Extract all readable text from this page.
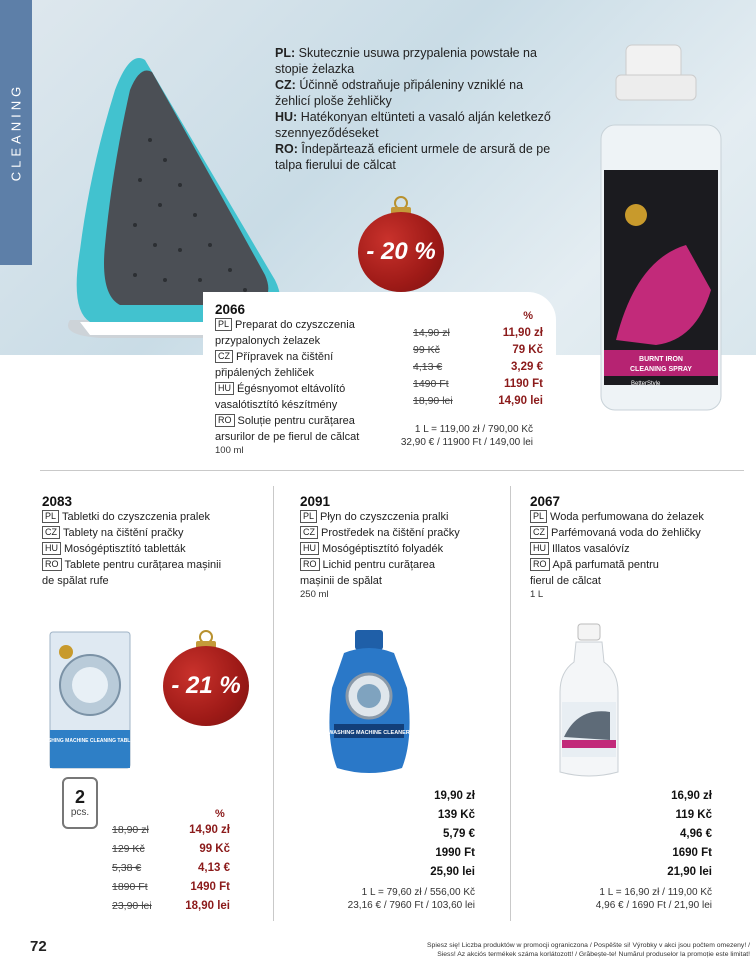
CLEANING
BURNT IRON
CLEANING SPRAY
BetterStyle
PL: Skutecznie usuwa przypalenia powstałe na stopie żelazka
CZ: Účinně odstraňuje připáleniny vzniklé na žehlicí ploše žehličky
HU: Hatékonyan eltünteti a vasaló alján keletkező szennyeződéseket
RO: Îndepărtează eficient urmele de arsură de pe talpa fierului de călcat
- 20 %
2066
PL Preparat do czyszczenia
przypalonych żelazek
CZ Přípravek na čištění
připálených žehliček
HU Égésnyomot eltávolító
vasalótisztító készítmény
RO Soluție pentru curățarea
arsurilor de pe fierul de călcat
100 ml
%
14,90 zł	11,90 zł
99 Kč	79 Kč
4,13 €	3,29 €
1490 Ft	1190 Ft
18,90 lei	14,90 lei
1 L = 119,00 zł / 790,00 Kč
32,90 € / 11900 Ft / 149,00 lei
2083
PL Tabletki do czyszczenia pralek
CZ Tablety na čištění pračky
HU Mosógéptisztító tabletták
RO Tablete pentru curățarea mașinii
de spălat rufe
WASHING MACHINE CLEANING TABLETS
- 21 %
2
pcs.	%
18,90 zł	14,90 zł
129 Kč	99 Kč
5,38 €	4,13 €
1890 Ft	1490 Ft
23,90 lei	18,90 lei
2091
PL Płyn do czyszczenia pralki
CZ Prostředek na čištění pračky
HU Mosógéptisztító folyadék
RO Lichid pentru curățarea
mașinii de spălat
250 ml
WASHING MACHINE CLEANER
19,90 zł
139 Kč
5,79 €
1990 Ft
25,90 lei
1 L = 79,60 zł / 556,00 Kč
23,16 € / 7960 Ft / 103,60 lei
2067
PL Woda perfumowana do żelazek
CZ Parfémovaná voda do žehličky
HU Illatos vasalóvíz
RO Apă parfumată pentru
fierul de călcat
1 L
16,90 zł
119 Kč
4,96 €
1690 Ft
21,90 lei
1 L = 16,90 zł / 119,00 Kč
4,96 € / 1690 Ft / 21,90 lei
72	Spiesz się! Liczba produktów w promocji ograniczona / Pospěšte si! Výrobky v akci jsou počtem omezeny! /
Siess! Az akciós termékek száma korlátozott! / Grăbește-te! Numărul produselor la promoție este limitat!
